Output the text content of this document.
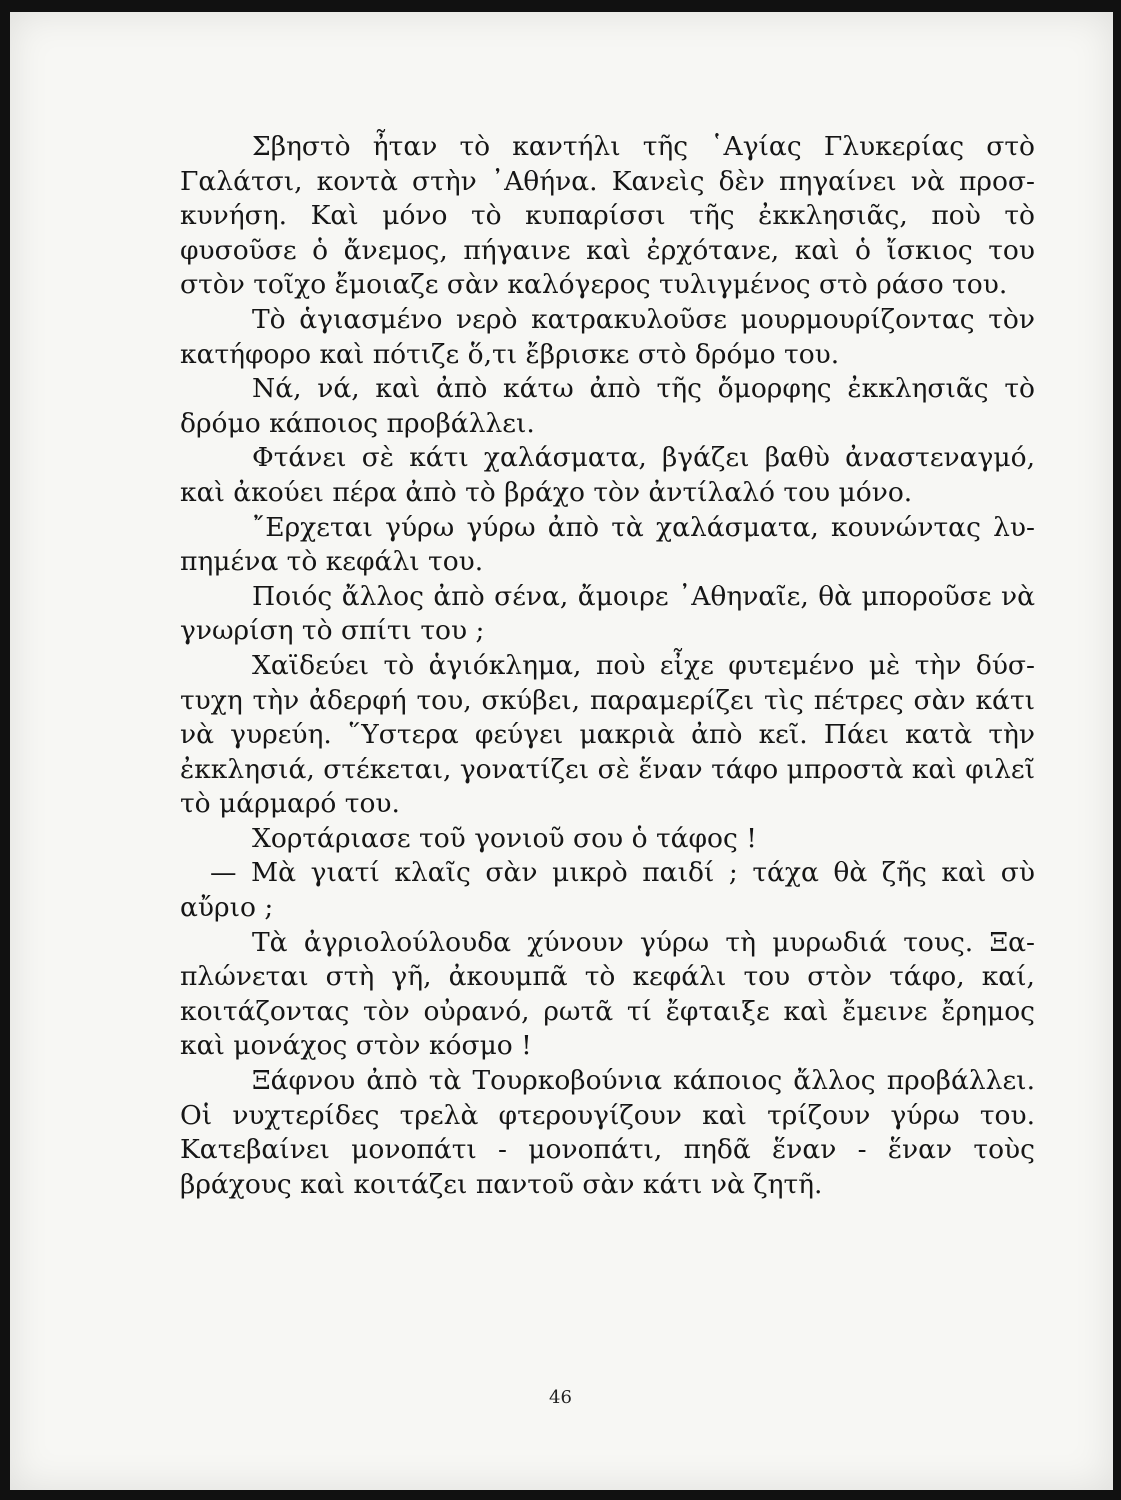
Σβηστὸ ἦταν τὸ καντήλι τῆς ῾Αγίας Γλυκερίας στὸ Γαλάτσι, κοντὰ στὴν ᾿Αθήνα. Κανεὶς δὲν πηγαίνει νὰ προσκυνήση. Καὶ μόνο τὸ κυπαρίσσι τῆς ἐκκλησιᾶς, ποὺ τὸ φυσοῦσε ὁ ἄνεμος, πήγαινε καὶ ἐρχότανε, καὶ ὁ ἴσκιος του στὸν τοῖχο ἔμοιαζε σὰν καλόγερος τυλιγμένος στὸ ράσο του.

Τὸ ἁγιασμένο νερὸ κατρακυλοῦσε μουρμουρίζοντας τὸν κατήφορο καὶ πότιζε ὅ,τι ἔβρισκε στὸ δρόμο του.

Νά, νά, καὶ ἀπὸ κάτω ἀπὸ τῆς ὄμορφης ἐκκλησιᾶς τὸ δρόμο κάποιος προβάλλει.

Φτάνει σὲ κάτι χαλάσματα, βγάζει βαθὺ ἀναστεναγμό, καὶ ἀκούει πέρα ἀπὸ τὸ βράχο τὸν ἀντίλαλό του μόνο.

῎Ερχεται γύρω γύρω ἀπὸ τὰ χαλάσματα, κουνώντας λυπημένα τὸ κεφάλι του.

Ποιός ἄλλος ἀπὸ σένα, ἄμοιρε ᾿Αθηναῖε, θὰ μποροῦσε νὰ γνωρίση τὸ σπίτι του ;

Χαϊδεύει τὸ ἁγιόκλημα, ποὺ εἶχε φυτεμένο μὲ τὴν δύστυχη τὴν ἀδερφή του, σκύβει, παραμερίζει τὶς πέτρες σὰν κάτι νὰ γυρεύη. ῞Υστερα φεύγει μακριὰ ἀπὸ κεῖ. Πάει κατὰ τὴν ἐκκλησιά, στέκεται, γονατίζει σὲ ἕναν τάφο μπροστὰ καὶ φιλεῖ τὸ μάρμαρό του.

Χορτάριασε τοῦ γονιοῦ σου ὁ τάφος !

— Μὰ γιατί κλαῖς σὰν μικρὸ παιδί ; τάχα θὰ ζῆς καὶ σὺ αὔριο ;

Τὰ ἀγριολούλουδα χύνουν γύρω τὴ μυρωδιά τους. Ξαπλώνεται στὴ γῆ, ἀκουμπᾶ τὸ κεφάλι του στὸν τάφο, καί, κοιτάζοντας τὸν οὐρανό, ρωτᾶ τί ἔφταιξε καὶ ἔμεινε ἔρημος καὶ μονάχος στὸν κόσμο !

Ξάφνου ἀπὸ τὰ Τουρκοβούνια κάποιος ἄλλος προβάλλει. Οἱ νυχτερίδες τρελὰ φτερουγίζουν καὶ τρίζουν γύρω του. Κατεβαίνει μονοπάτι - μονοπάτι, πηδᾶ ἕναν - ἕναν τοὺς βράχους καὶ κοιτάζει παντοῦ σὰν κάτι νὰ ζητῆ.

46
